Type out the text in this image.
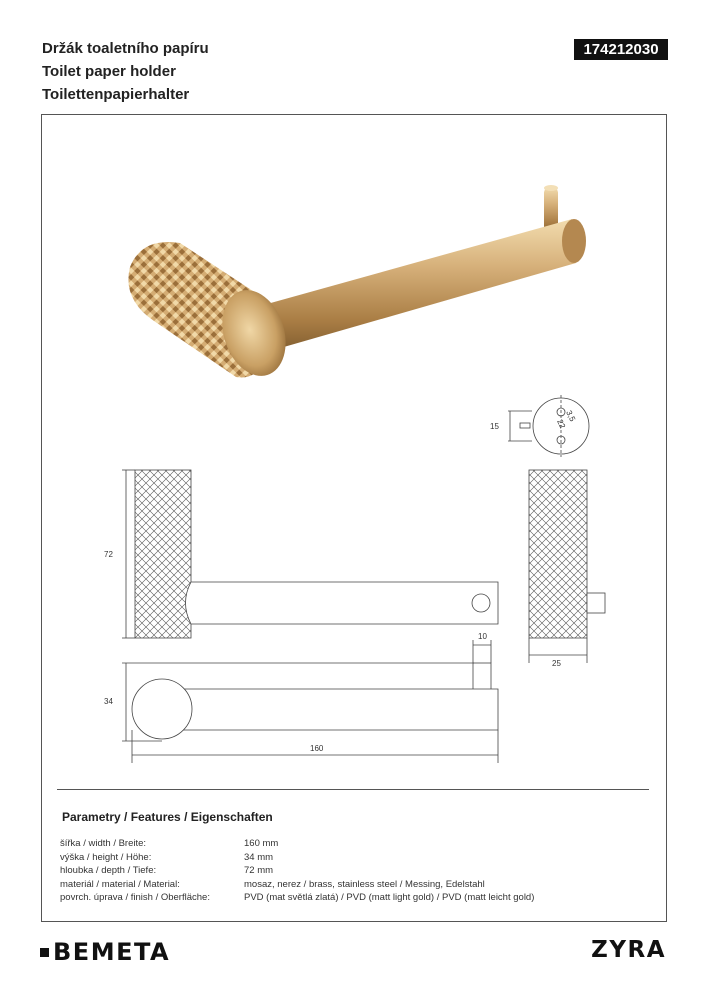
Držák toaletního papíru
Toilet paper holder
Toilettenpapierhalter
174212030
15
3,5
22
72
25
10
34
160
Parametry / Features / Eigenschaften
šířka / width / Breite:	160 mm
výška / height / Höhe:	34 mm
hloubka / depth / Tiefe:	72 mm
materiál / material / Material:	mosaz, nerez / brass, stainless steel / Messing, Edelstahl
povrch. úprava / finish / Oberfläche:	PVD (mat světlá zlatá) / PVD (matt light gold) / PVD (matt leicht gold)
BEMETA	ZYRA
